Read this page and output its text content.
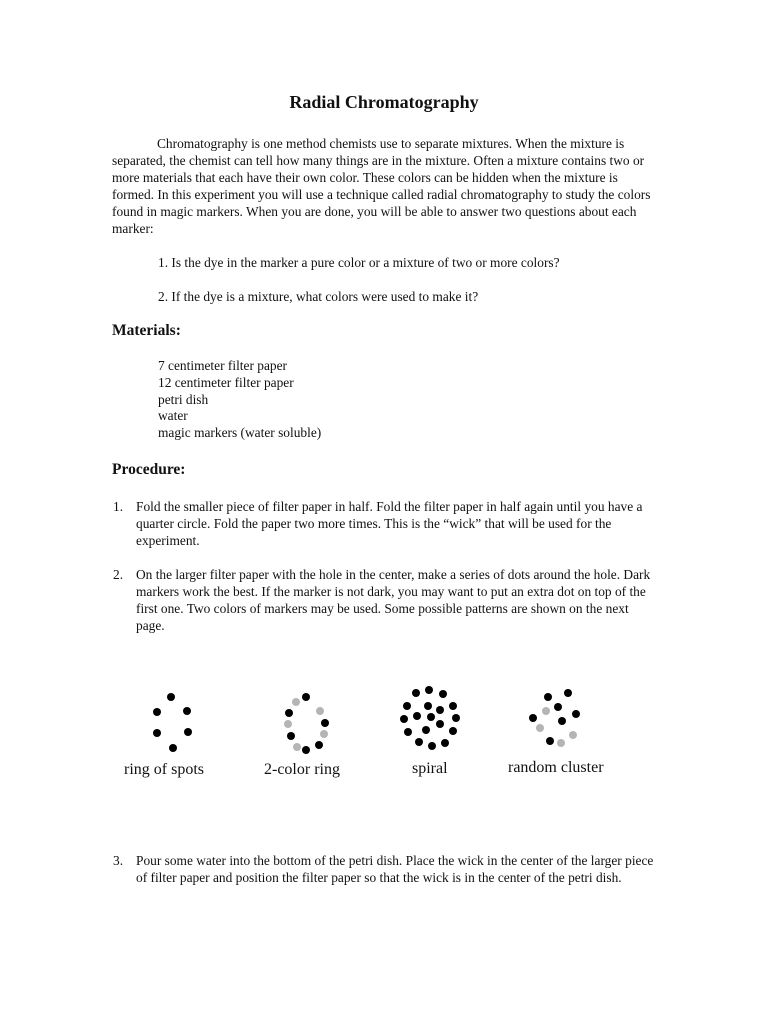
Radial Chromatography

Chromatography is one method chemists use to separate mixtures. When the mixture is separated, the chemist can tell how many things are in the mixture. Often a mixture contains two or more materials that each have their own color. These colors can be hidden when the mixture is formed. In this experiment you will use a technique called radial chromatography to study the colors found in magic markers. When you are done, you will be able to answer two questions about each marker:

1. Is the dye in the marker a pure color or a mixture of two or more colors?
2. If the dye is a mixture, what colors were used to make it?
Materials:
7 centimeter filter paper
12 centimeter filter paper
petri dish
water
magic markers (water soluble)
Procedure:

1. Fold the smaller piece of filter paper in half. Fold the filter paper in half again until you have a quarter circle. Fold the paper two more times. This is the “wick” that will be used for the experiment.

2. On the larger filter paper with the hole in the center, make a series of dots around the hole. Dark markers work the best. If the marker is not dark, you may want to put an extra dot on top of the first one. Two colors of markers may be used. Some possible patterns are shown on the next page.

ring of spots	2-color ring	spiral	random cluster

3. Pour some water into the bottom of the petri dish. Place the wick in the center of the larger piece of filter paper and position the filter paper so that the wick is in the center of the petri dish.
